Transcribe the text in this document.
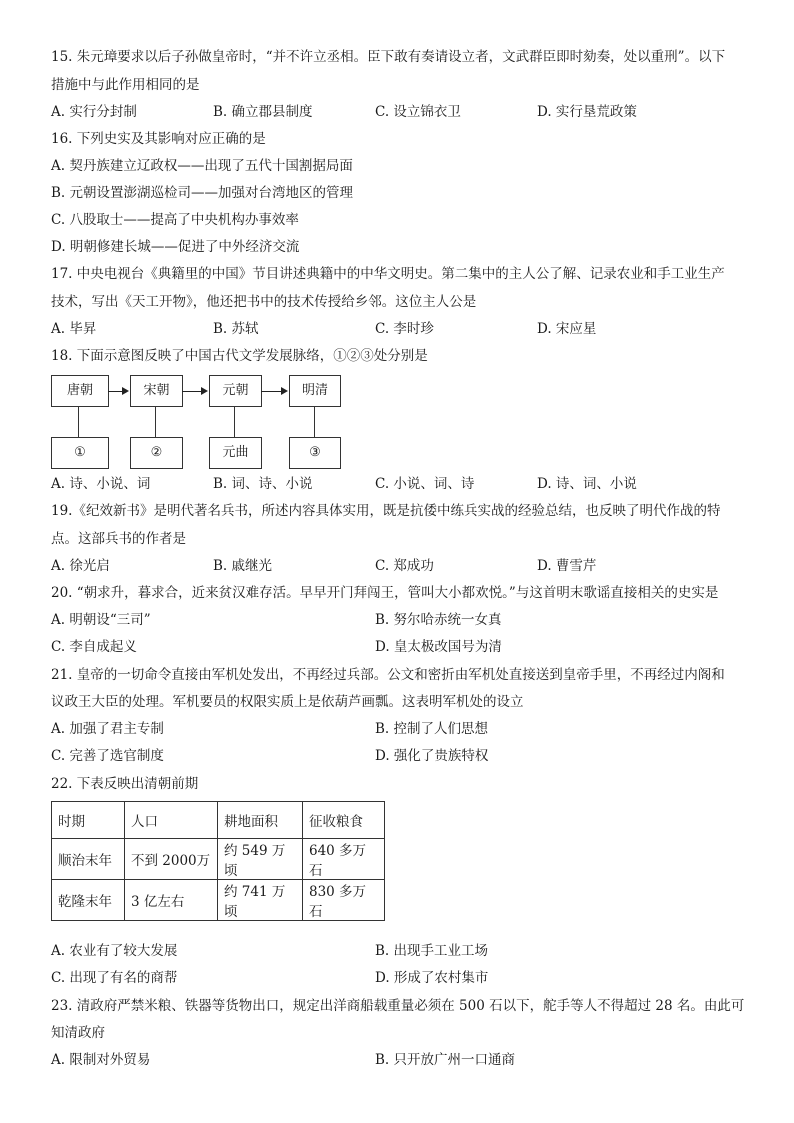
15. 朱元璋要求以后子孙做皇帝时，“并不许立丞相。臣下敢有奏请设立者，文武群臣即时劾奏，处以重刑”。以下
措施中与此作用相同的是
A. 实行分封制	B. 确立郡县制度	C. 设立锦衣卫	D. 实行垦荒政策
16. 下列史实及其影响对应正确的是
A. 契丹族建立辽政权——出现了五代十国割据局面
B. 元朝设置澎湖巡检司——加强对台湾地区的管理
C. 八股取士——提高了中央机构办事效率
D. 明朝修建长城——促进了中外经济交流
17. 中央电视台《典籍里的中国》节目讲述典籍中的中华文明史。第二集中的主人公了解、记录农业和手工业生产
技术，写出《天工开物》，他还把书中的技术传授给乡邻。这位主人公是
A. 毕昇	B. 苏轼	C. 李时珍	D. 宋应星
18. 下面示意图反映了中国古代文学发展脉络，①②③处分别是
唐朝	宋朝	元朝	明清
①	②	元曲	③
A. 诗、小说、词	B. 词、诗、小说	C. 小说、词、诗	D. 诗、词、小说
19.《纪效新书》是明代著名兵书，所述内容具体实用，既是抗倭中练兵实战的经验总结，也反映了明代作战的特
点。这部兵书的作者是
A. 徐光启	B. 戚继光	C. 郑成功	D. 曹雪芹
20. “朝求升，暮求合，近来贫汉难存活。早早开门拜闯王，管叫大小都欢悦。”与这首明末歌谣直接相关的史实是
A. 明朝设“三司”	B. 努尔哈赤统一女真
C. 李自成起义	D. 皇太极改国号为清
21. 皇帝的一切命令直接由军机处发出，不再经过兵部。公文和密折由军机处直接送到皇帝手里，不再经过内阁和
议政王大臣的处理。军机要员的权限实质上是依葫芦画瓢。这表明军机处的设立
A. 加强了君主专制	B. 控制了人们思想
C. 完善了选官制度	D. 强化了贵族特权
22. 下表反映出清朝前期
时期	人口	耕地面积	征收粮食
顺治末年	不到 2000万	约 549 万顷	640 多万石
乾隆末年	3 亿左右	约 741 万顷	830 多万石
A. 农业有了较大发展	B. 出现手工业工场
C. 出现了有名的商帮	D. 形成了农村集市
23. 清政府严禁米粮、铁器等货物出口，规定出洋商船载重量必须在 500 石以下，舵手等人不得超过 28 名。由此可
知清政府
A. 限制对外贸易	B. 只开放广州一口通商
